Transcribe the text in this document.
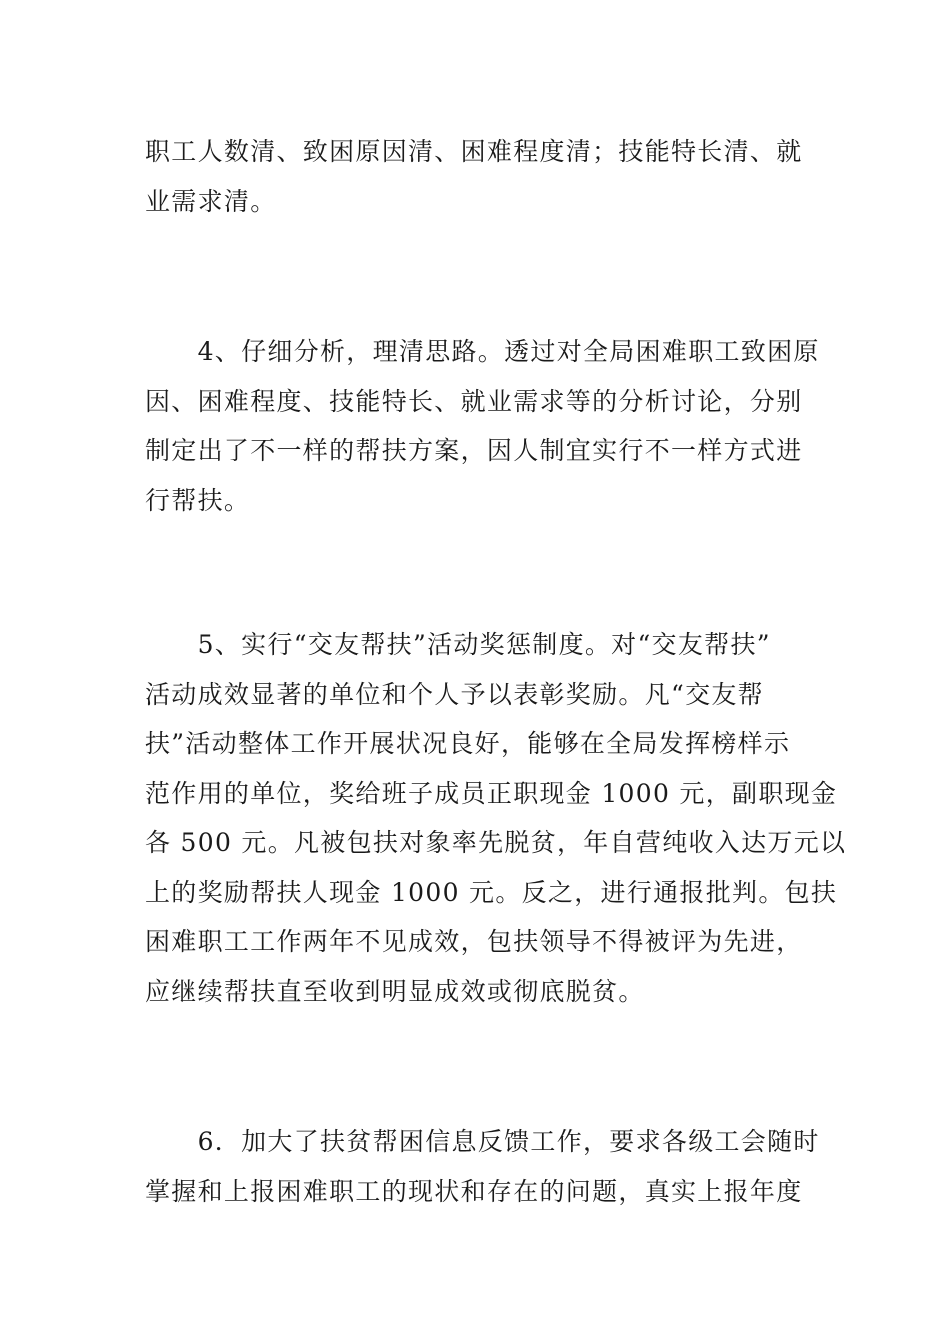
职工人数清、致困原因清、困难程度清；技能特长清、就
业需求清。
　　4、仔细分析，理清思路。透过对全局困难职工致困原
因、困难程度、技能特长、就业需求等的分析讨论，分别
制定出了不一样的帮扶方案，因人制宜实行不一样方式进
行帮扶。
　　5、实行“交友帮扶”活动奖惩制度。对“交友帮扶”
活动成效显著的单位和个人予以表彰奖励。凡“交友帮
扶”活动整体工作开展状况良好，能够在全局发挥榜样示
范作用的单位，奖给班子成员正职现金 1000 元，副职现金
各 500 元。凡被包扶对象率先脱贫，年自营纯收入达万元以
上的奖励帮扶人现金 1000 元。反之，进行通报批判。包扶
困难职工工作两年不见成效，包扶领导不得被评为先进，
应继续帮扶直至收到明显成效或彻底脱贫。
　　6．加大了扶贫帮困信息反馈工作，要求各级工会随时
掌握和上报困难职工的现状和存在的问题，真实上报年度
